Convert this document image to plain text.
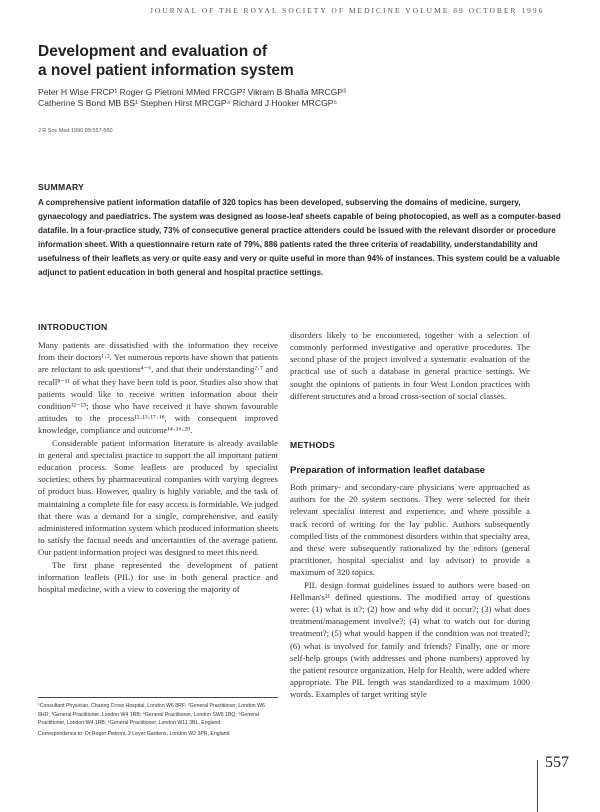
JOURNAL OF THE ROYAL SOCIETY OF MEDICINE VOLUME 89 OCTOBER 1996
Development and evaluation of
a novel patient information system
Peter H Wise FRCP¹ Roger G Pietroni MMed FRCGP² Vikram B Bhalla MRCGP³
Catherine S Bond MB BS¹ Stephen Hirst MRCGP⁴ Richard J Hooker MRCGP⁵
J R Soc Med 1996;89:557-560
SUMMARY
A comprehensive patient information datafile of 320 topics has been developed, subserving the domains of medicine, surgery, gynaecology and paediatrics. The system was designed as loose-leaf sheets capable of being photocopied, as well as a computer-based datafile. In a four-practice study, 73% of consecutive general practice attenders could be issued with the relevant disorder or procedure information sheet. With a questionnaire return rate of 79%, 886 patients rated the three criteria of readability, understandability and usefulness of their leaflets as very or quite easy and very or quite useful in more than 94% of instances. This system could be a valuable adjunct to patient education in both general and hospital practice settings.
INTRODUCTION

Many patients are dissatisfied with the information they receive from their doctors¹·². Yet numerous reports have shown that patients are reluctant to ask questions⁴⁻⁶, and that their understanding²·⁷ and recall⁸⁻¹¹ of what they have been told is poor. Studies also show that patients would like to receive written information about their condition¹²⁻¹⁵; those who have received it have shown favourable attitudes to the process¹²·¹³·¹⁷·¹⁸, with consequent improved knowledge, compliance and outcome¹⁴·¹⁶·²⁰.

Considerable patient information literature is already available in general and specialist practice to support the all important patient education process. Some leaflets are produced by specialist societies; others by pharmaceutical companies with varying degrees of product bias. However, quality is highly variable, and the task of maintaining a complete file for easy access is formidable. We judged that there was a demand for a single, comprehensive, and easily administered information system which produced information sheets to satisfy the factual needs and uncertainties of the average patient. Our patient information project was designed to meet this need.

The first phase represented the development of patient information leaflets (PIL) for use in both general practice and hospital medicine, with a view to covering the majority of

¹Consultant Physician, Charing Cross Hospital, London W6 8RF; ²General Practitioner, London W6 8HD; ³General Practitioner, London W4 1RB; ⁴General Practitioner, London SW6 1BQ; ⁵General Practitioner, London W4 1RB; ⁶General Practitioner, London W11 3BL, England
Correspondence to: Dr Roger Pietroni, 2 Leyer Gardens, London W2 3PR, England

disorders likely to be encountered, together with a selection of commonly performed investigative and operative procedures. The second phase of the project involved a systematic evaluation of the practical use of such a database in general practice settings. We sought the opinions of patients in four West London practices with different structures and a broad cross-section of social classes.

METHODS
Preparation of information leaflet database

Both primary- and secondary-care physicians were approached as authors for the 20 system sections. They were selected for their relevant specialist interest and experience, and where possible a track record of writing for the lay public. Authors subsequently compiled lists of the commonest disorders within that specialty area, and these were subsequently rationalized by the editors (general practitioner, hospital specialist and lay advisor) to provide a maximum of 320 topics.

PIL design format guidelines issued to authors were based on Hellman's²¹ defined questions. The modified array of questions were: (1) what is it?; (2) how and why did it occur?; (3) what does treatment/management involve?; (4) what to watch out for during treatment?; (5) what would happen if the condition was not treated?; (6) what is involved for family and friends? Finally, one or more self-help groups (with addresses and phone numbers) approved by the patient resource organization, Help for Health, were added where appropriate. The PIL length was standardized to a maximum 1000 words. Examples of target writing style

557
